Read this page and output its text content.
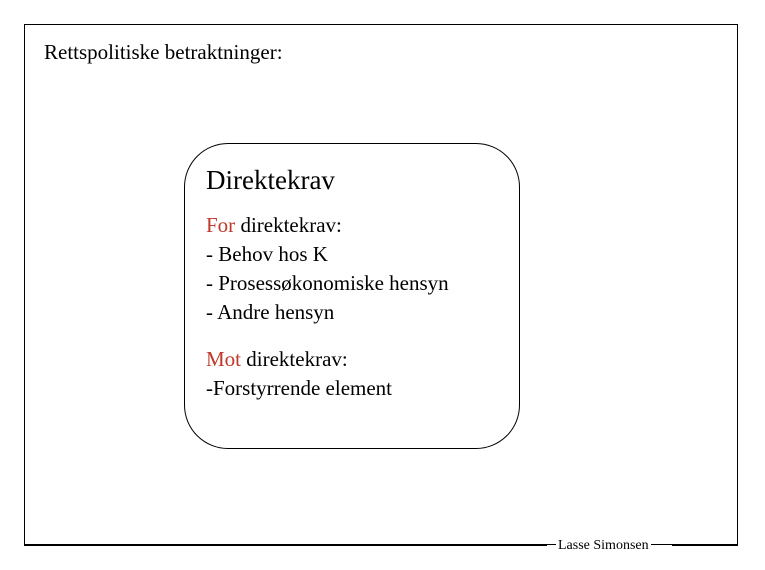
Rettspolitiske betraktninger:
Direktekrav

For direktekrav:

- Behov hos K

- Prosessøkonomiske hensyn

- Andre hensyn

Mot direktekrav:

-Forstyrrende element

Lasse Simonsen
